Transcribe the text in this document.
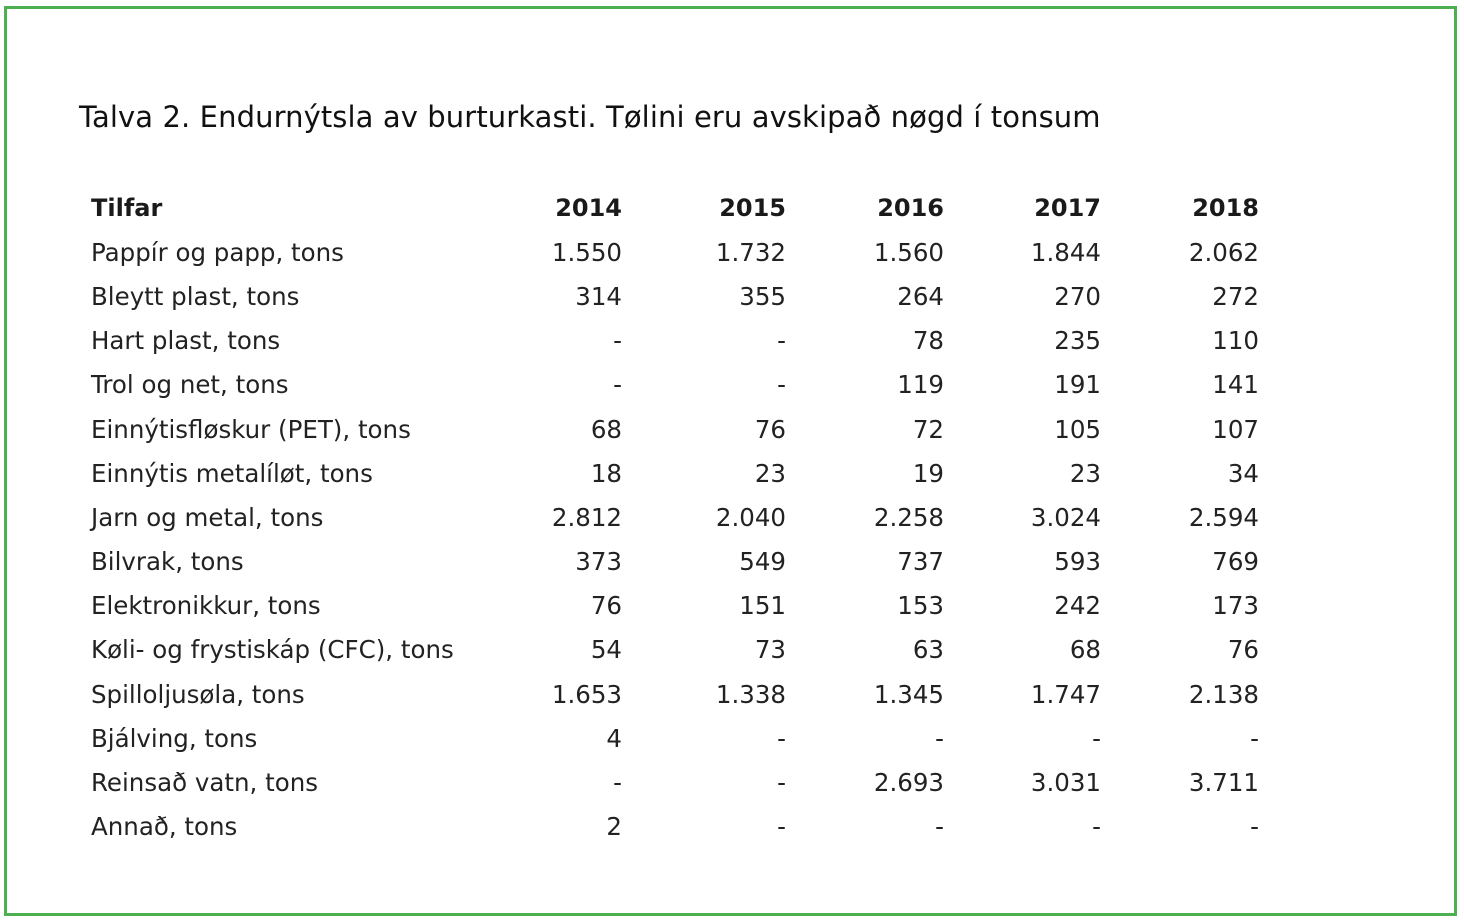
Talva 2. Endurnýtsla av burturkasti. Tølini eru avskipað nøgd í tonsum
Tilfar	2014	2015	2016	2017	2018
Pappír og papp, tons	1.550	1.732	1.560	1.844	2.062
Bleytt plast, tons	314	355	264	270	272
Hart plast, tons	-	-	78	235	110
Trol og net, tons	-	-	119	191	141
Einnýtisfløskur (PET), tons	68	76	72	105	107
Einnýtis metalíløt, tons	18	23	19	23	34
Jarn og metal, tons	2.812	2.040	2.258	3.024	2.594
Bilvrak, tons	373	549	737	593	769
Elektronikkur, tons	76	151	153	242	173
Køli- og frystiskáp (CFC), tons	54	73	63	68	76
Spilloljusøla, tons	1.653	1.338	1.345	1.747	2.138
Bjálving, tons	4	-	-	-	-
Reinsað vatn, tons	-	-	2.693	3.031	3.711
Annað, tons	2	-	-	-	-
